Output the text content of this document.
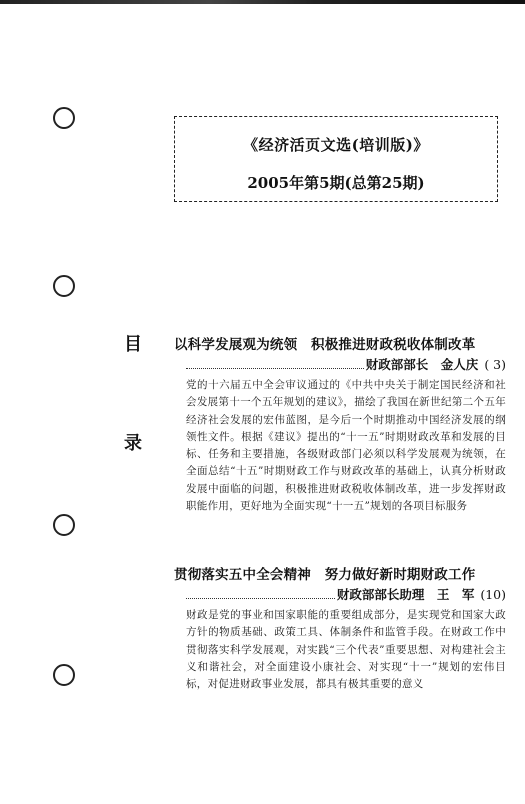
《经济活页文选(培训版)》
2005年第5期(总第25期)
目
录
以科学发展观为统领　积极推进财政税收体制改革
财政部部长　金人庆 ( 3)
党的十六届五中全会审议通过的《中共中央关于制定国民经济和社会发展第十一个五年规划的建议》，描绘了我国在新世纪第二个五年经济社会发展的宏伟蓝图，是今后一个时期推动中国经济发展的纲领性文件。根据《建议》提出的“十一五”时期财政改革和发展的目标、任务和主要措施，各级财政部门必须以科学发展观为统领，在全面总结“十五”时期财政工作与财政改革的基础上，认真分析财政发展中面临的问题，积极推进财政税收体制改革，进一步发挥财政职能作用，更好地为全面实现“十一五”规划的各项目标服务
贯彻落实五中全会精神　努力做好新时期财政工作
财政部部长助理　王　军 (10)
财政是党的事业和国家职能的重要组成部分，是实现党和国家大政方针的物质基础、政策工具、体制条件和监管手段。在财政工作中贯彻落实科学发展观，对实践“三个代表”重要思想、对构建社会主义和谐社会，对全面建设小康社会、对实现“十一”规划的宏伟目标，对促进财政事业发展，都具有极其重要的意义
